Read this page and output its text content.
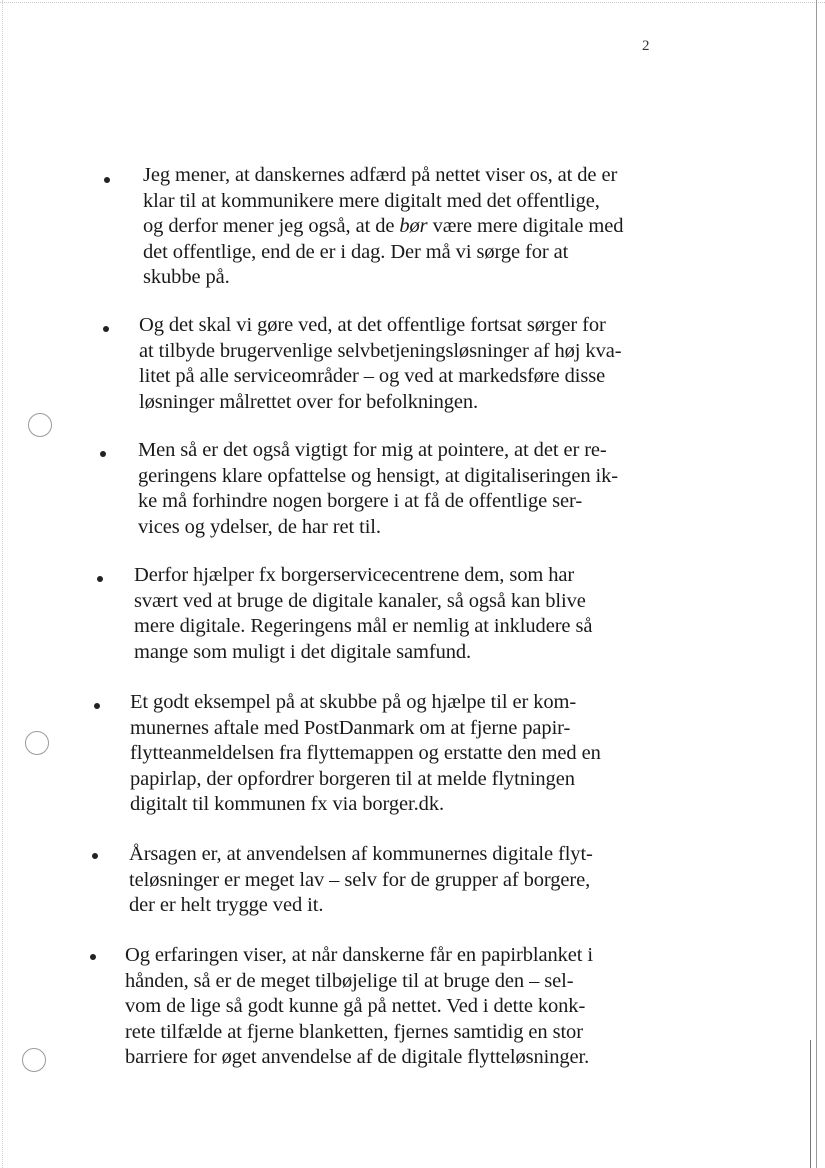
2

Jeg mener, at danskernes adfærd på nettet viser os, at de er
klar til at kommunikere mere digitalt med det offentlige,
og derfor mener jeg også, at de bør være mere digitale med
det offentlige, end de er i dag. Der må vi sørge for at
skubbe på.

Og det skal vi gøre ved, at det offentlige fortsat sørger for
at tilbyde brugervenlige selvbetjeningsløsninger af høj kva-
litet på alle serviceområder – og ved at markedsføre disse
løsninger målrettet over for befolkningen.

Men så er det også vigtigt for mig at pointere, at det er re-
geringens klare opfattelse og hensigt, at digitaliseringen ik-
ke må forhindre nogen borgere i at få de offentlige ser-
vices og ydelser, de har ret til.

Derfor hjælper fx borgerservicecentrene dem, som har
svært ved at bruge de digitale kanaler, så også kan blive
mere digitale. Regeringens mål er nemlig at inkludere så
mange som muligt i det digitale samfund.

Et godt eksempel på at skubbe på og hjælpe til er kom-
munernes aftale med PostDanmark om at fjerne papir-
flytteanmeldelsen fra flyttemappen og erstatte den med en
papirlap, der opfordrer borgeren til at melde flytningen
digitalt til kommunen fx via borger.dk.

Årsagen er, at anvendelsen af kommunernes digitale flyt-
teløsninger er meget lav – selv for de grupper af borgere,
der er helt trygge ved it.

Og erfaringen viser, at når danskerne får en papirblanket i
hånden, så er de meget tilbøjelige til at bruge den – sel-
vom de lige så godt kunne gå på nettet. Ved i dette konk-
rete tilfælde at fjerne blanketten, fjernes samtidig en stor
barriere for øget anvendelse af de digitale flytteløsninger.
